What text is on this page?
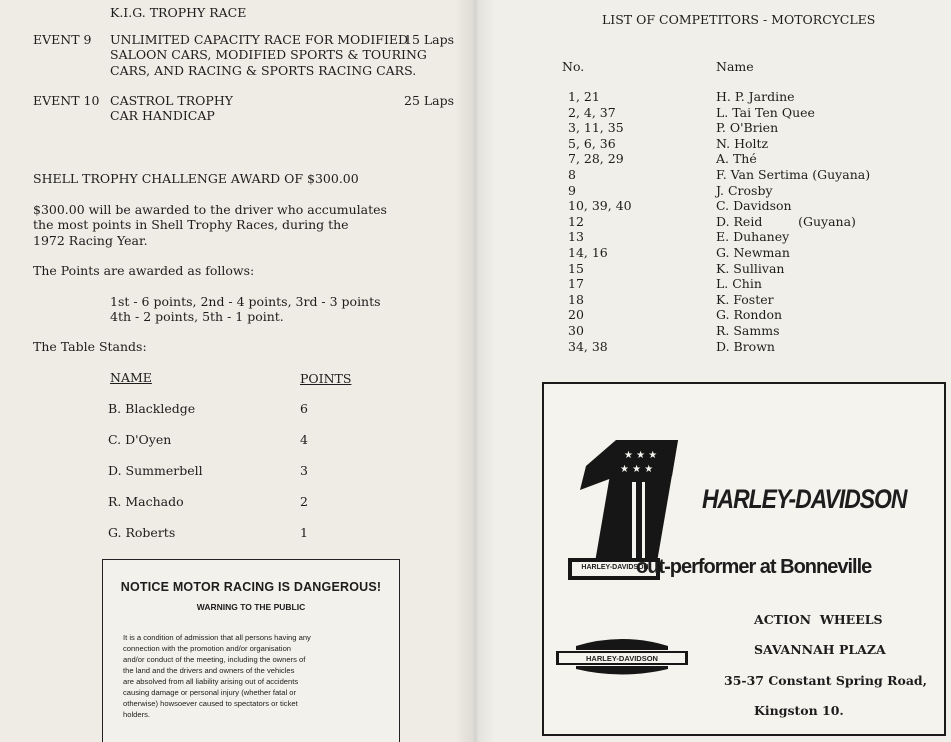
K.I.G. TROPHY RACE
EVENT 9 UNLIMITED CAPACITY RACE FOR MODIFIED
SALOON CARS, MODIFIED SPORTS & TOURING
CARS, AND RACING & SPORTS RACING CARS.
15 Laps
EVENT 10 CASTROL TROPHY
CAR HANDICAP
25 Laps
SHELL TROPHY CHALLENGE AWARD OF $300.00
$300.00 will be awarded to the driver who accumulates
the most points in Shell Trophy Races, during the
1972 Racing Year.
The Points are awarded as follows:
1st - 6 points, 2nd - 4 points, 3rd - 3 points
4th - 2 points, 5th - 1 point.
The Table Stands:
NAME	POINTS
B. Blackledge	6
C. D'Oyen	4
D. Summerbell	3
R. Machado	2
G. Roberts	1
NOTICE MOTOR RACING IS DANGEROUS!
WARNING TO THE PUBLIC
It is a condition of admission that all persons having any
connection with the promotion and/or organisation
and/or conduct of the meeting, including the owners of
the land and the drivers and owners of the vehicles
are absolved from all liability arising out of accidents
causing damage or personal injury (whether fatal or
otherwise) howsoever caused to spectators or ticket
holders.
LIST OF COMPETITORS - MOTORCYCLES
No.	Name
1, 21	H. P. Jardine
2, 4, 37	L. Tai Ten Quee
3, 11, 35	P. O'Brien
5, 6, 36	N. Holtz
7, 28, 29	A. Thé
8	F. Van Sertima (Guyana)
9	J. Crosby
10, 39, 40	C. Davidson
12	D. Reid         (Guyana)
13	E. Duhaney
14, 16	G. Newman
15	K. Sullivan
17	L. Chin
18	K. Foster
20	G. Rondon
30	R. Samms
34, 38	D. Brown
★ ★ ★
★ ★ ★
HARLEY-DAVIDSON
HARLEY-DAVIDSON
out-performer at Bonneville
HARLEY-DAVIDSON
ACTION  WHEELS
SAVANNAH PLAZA
35-37 Constant Spring Road,
Kingston 10.
